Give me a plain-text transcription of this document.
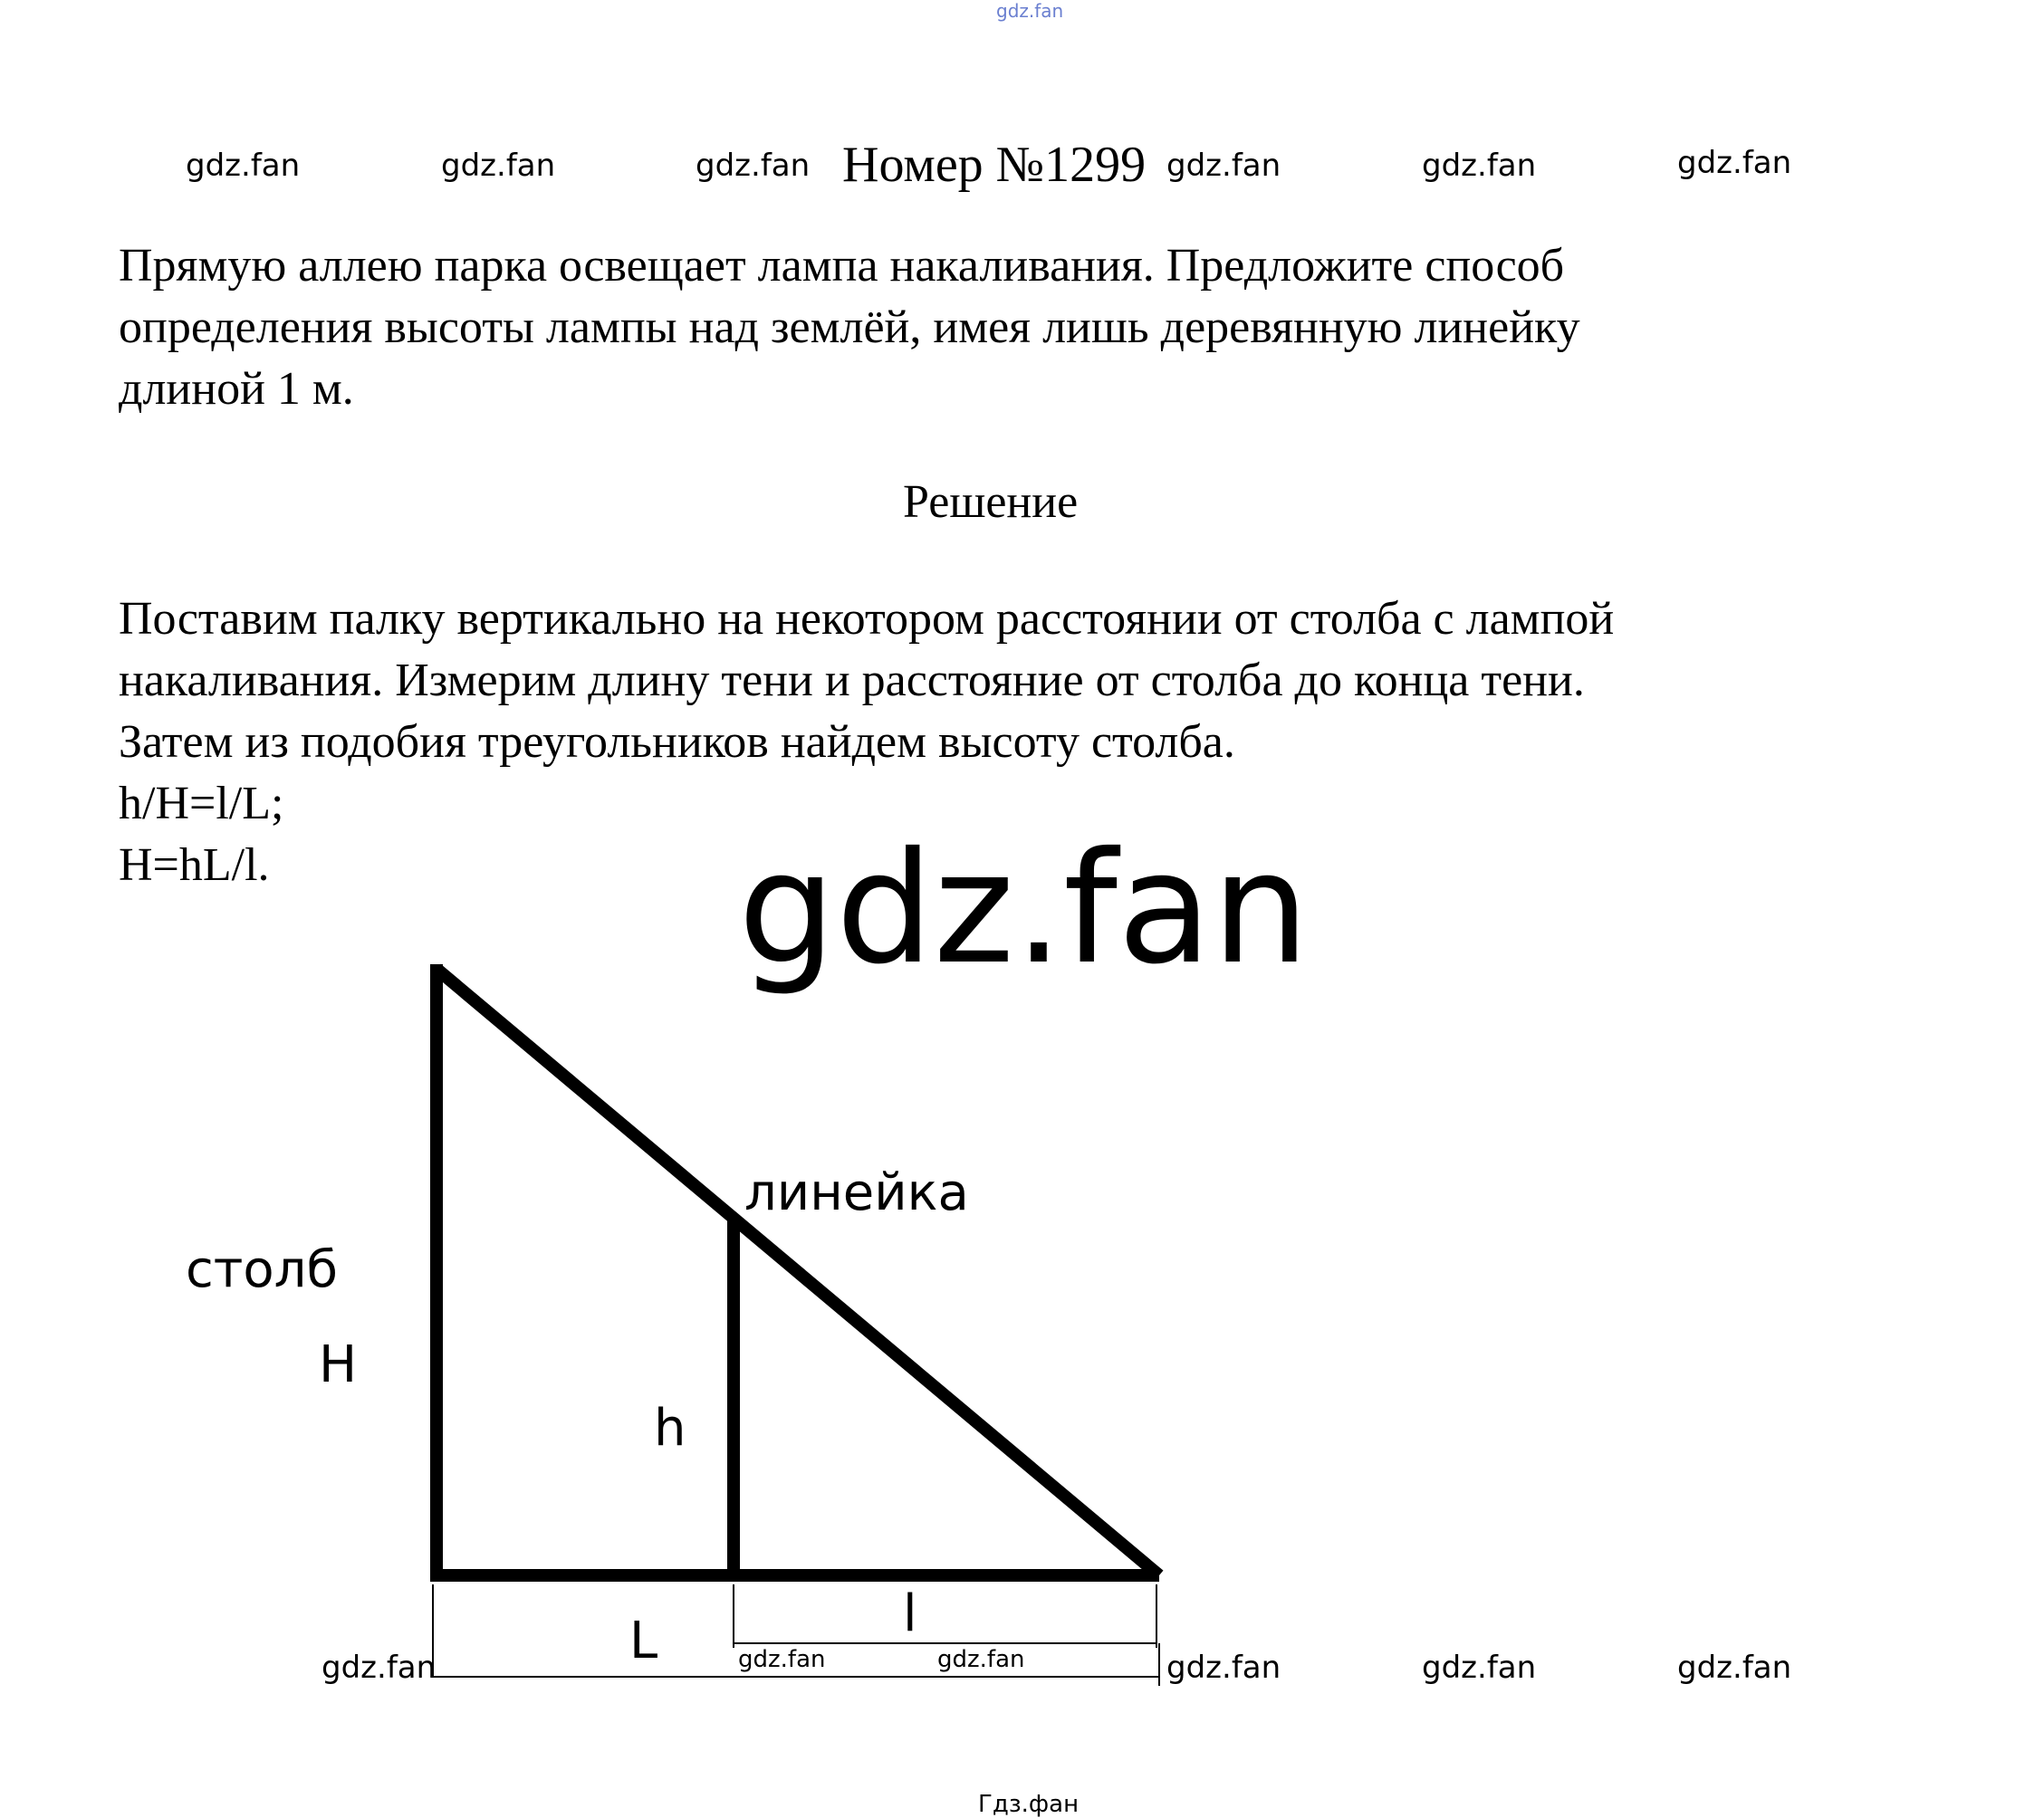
gdz.fan
gdz.fan	gdz.fan	gdz.fan Номер №1299 gdz.fan	gdz.fan	gdz.fan
Прямую аллею парка освещает лампа накаливания. Предложите способ
определения высоты лампы над землёй, имея лишь деревянную линейку
длиной 1 м.
Решение
Поставим палку вертикально на некотором расстоянии от столба с лампой
накаливания. Измерим длину тени и расстояние от столба до конца тени.
Затем из подобия треугольников найдем высоту столба.
h/H=l/L;
H=hL/l.	gdz.fan
линейка
столб
H
h
l
L
gdz.fan	gdz.fan	gdz.fan	gdz.fan	gdz.fan	gdz.fan
Гдз.фан
